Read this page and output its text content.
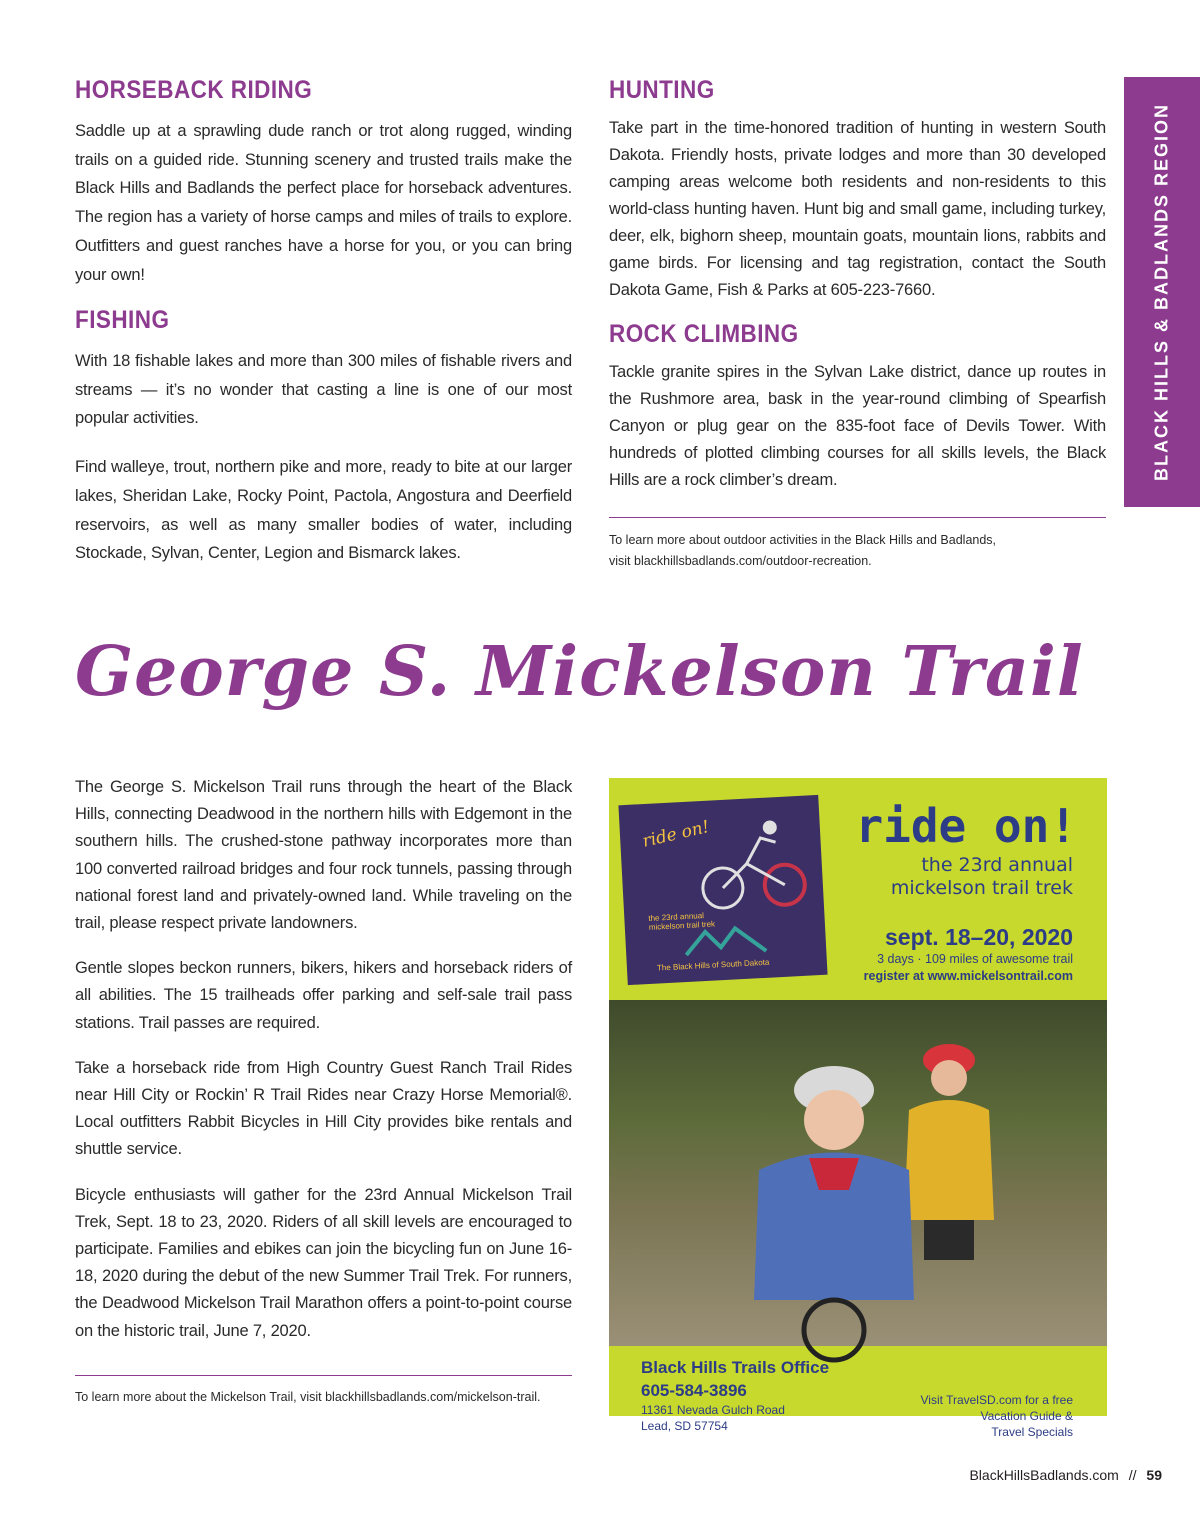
BLACK HILLS & BADLANDS REGION
HORSEBACK RIDING

Saddle up at a sprawling dude ranch or trot along rugged, winding trails on a guided ride. Stunning scenery and trusted trails make the Black Hills and Badlands the perfect place for horseback adventures. The region has a variety of horse camps and miles of trails to explore. Outfitters and guest ranches have a horse for you, or you can bring your own!

FISHING

With 18 fishable lakes and more than 300 miles of fishable rivers and streams — it’s no wonder that casting a line is one of our most popular activities.

Find walleye, trout, northern pike and more, ready to bite at our larger lakes, Sheridan Lake, Rocky Point, Pactola, Angostura and Deerfield reservoirs, as well as many smaller bodies of water, including Stockade, Sylvan, Center, Legion and Bismarck lakes.

HUNTING

Take part in the time-honored tradition of hunting in western South Dakota. Friendly hosts, private lodges and more than 30 developed camping areas welcome both residents and non-residents to this world-class hunting haven. Hunt big and small game, including turkey, deer, elk, bighorn sheep, mountain goats, mountain lions, rabbits and game birds. For licensing and tag registration, contact the South Dakota Game, Fish & Parks at 605-223-7660.

ROCK CLIMBING

Tackle granite spires in the Sylvan Lake district, dance up routes in the Rushmore area, bask in the year-round climbing of Spearfish Canyon or plug gear on the 835-foot face of Devils Tower. With hundreds of plotted climbing courses for all skills levels, the Black Hills are a rock climber’s dream.

To learn more about outdoor activities in the Black Hills and Badlands,
visit blackhillsbadlands.com/outdoor-recreation.
George S. Mickelson Trail

The George S. Mickelson Trail runs through the heart of the Black Hills, connecting Deadwood in the northern hills with Edgemont in the southern hills. The crushed-stone pathway incorporates more than 100 converted railroad bridges and four rock tunnels, passing through national forest land and privately-owned land. While traveling on the trail, please respect private landowners.

Gentle slopes beckon runners, bikers, hikers and horseback riders of all abilities. The 15 trailheads offer parking and self-sale trail pass stations. Trail passes are required.

Take a horseback ride from High Country Guest Ranch Trail Rides near Hill City or Rockin’ R Trail Rides near Crazy Horse Memorial®. Local outfitters Rabbit Bicycles in Hill City provides bike rentals and shuttle service.

Bicycle enthusiasts will gather for the 23rd Annual Mickelson Trail Trek, Sept. 18 to 23, 2020. Riders of all skill levels are encouraged to participate. Families and ebikes can join the bicycling fun on June 16-18, 2020 during the debut of the new Summer Trail Trek. For runners, the Deadwood Mickelson Trail Marathon offers a point-to-point course on the historic trail, June 7, 2020.

To learn more about the Mickelson Trail, visit blackhillsbadlands.com/mickelson-trail.
ride on!
the 23rd annual mickelson trail trek
The Black Hills of South Dakota
ride on!
the 23rd annual
mickelson trail trek
sept. 18–20, 2020
3 days · 109 miles of awesome trail
register at www.mickelsontrail.com
Black Hills Trails Office
605-584-3896
11361 Nevada Gulch Road
Lead, SD 57754
Visit TravelSD.com for a free
Vacation Guide &
Travel Specials
BlackHillsBadlands.com // 59
